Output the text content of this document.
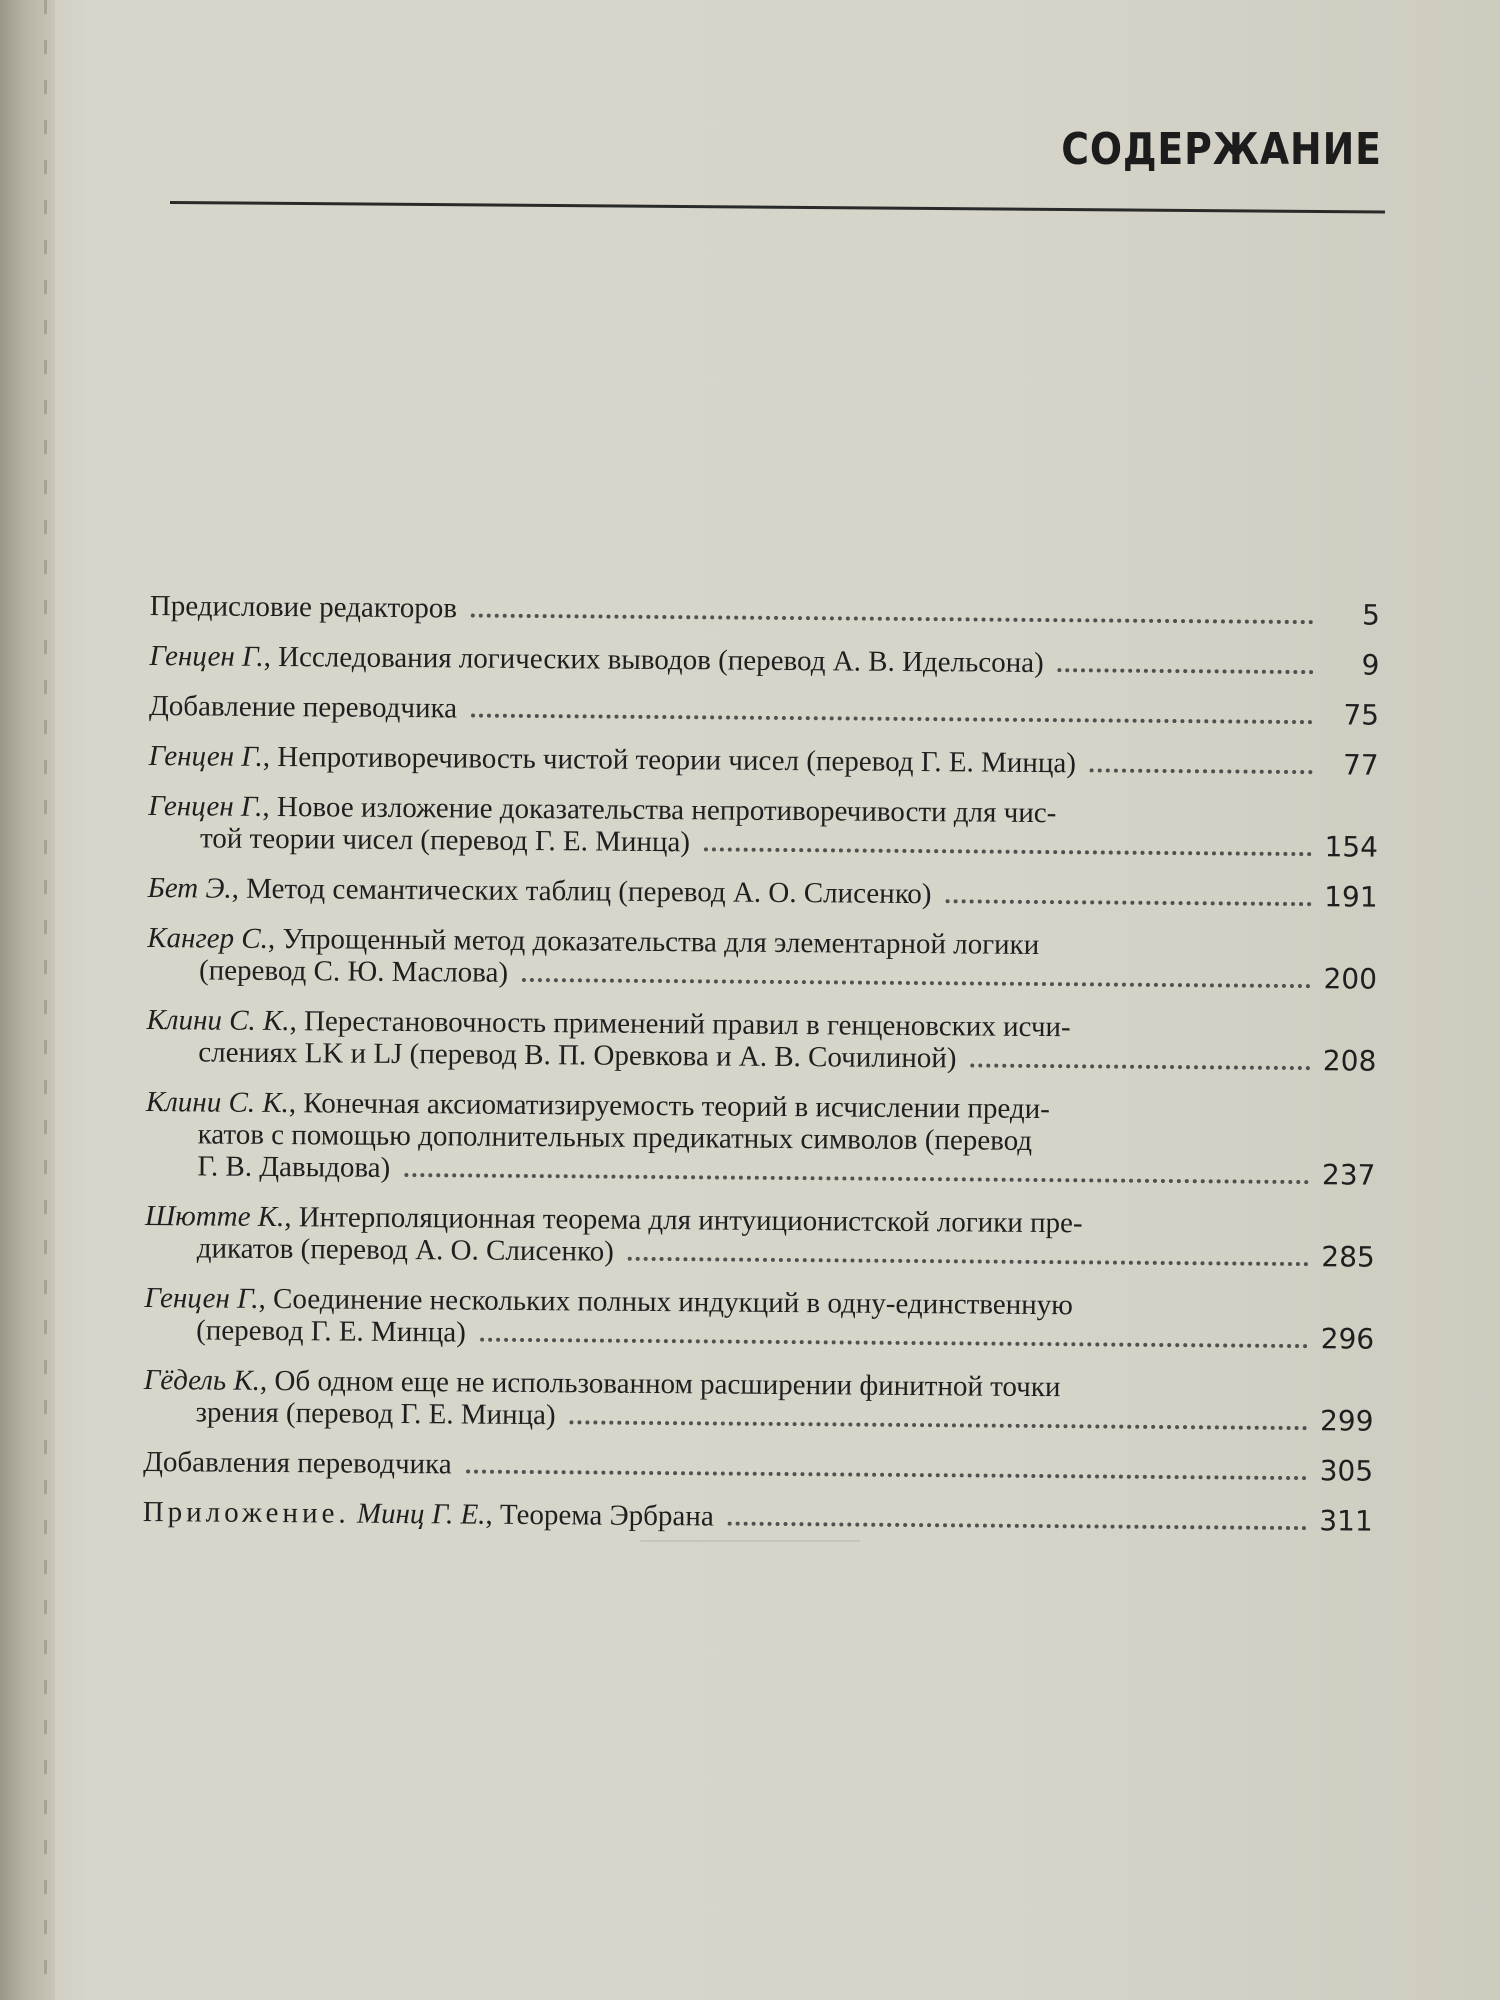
СОДЕРЖАНИЕ
Предисловие редакторов	5
Генцен Г. , Исследования логических выводов (перевод А. В. Идельсона)	9
Добавление переводчика	75
Генцен Г. , Непротиворечивость чистой теории чисел (перевод Г. Е. Минца)	77
Генцен Г., Новое изложение доказательства непротиворечивости для чис-
той теории чисел (перевод Г. Е. Минца)	154
Бет Э. , Метод семантических таблиц (перевод А. О. Слисенко)	191
Кангер С., Упрощенный метод доказательства для элементарной логики
(перевод С. Ю. Маслова)	200
Клини С. К., Перестановочность применений правил в генценовских исчи-
слениях LK и LJ (перевод В. П. Оревкова и А. В. Сочилиной)	208
Клини С. К., Конечная аксиоматизируемость теорий в исчислении преди-
катов с помощью дополнительных предикатных символов (перевод
Г. В. Давыдова)	237
Шютте К., Интерполяционная теорема для интуиционистской логики пре-
дикатов (перевод А. О. Слисенко)	285
Генцен Г., Соединение нескольких полных индукций в одну-единственную
(перевод Г. Е. Минца)	296
Гёдель К., Об одном еще не использованном расширении финитной точки
зрения (перевод Г. Е. Минца)	299
Добавления переводчика	305
Приложение.
Минц Г. Е. , Теорема Эрбрана	311
